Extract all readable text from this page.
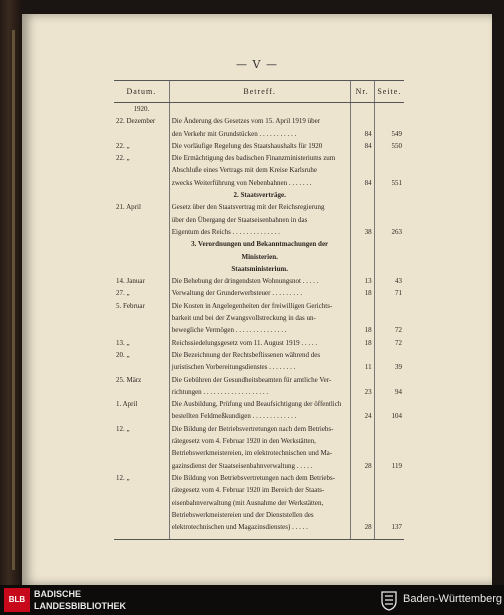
— V —
Datum.	Betreff.	Nr.	Seite.
1920.			
22. Dezember	Die Änderung des Gesetzes vom 15. April 1919 über		
	den Verkehr mit Grundstücken . . . . . . . . . . .	84	549
22. „	Die vorläufige Regelung des Staatshaushalts für 1920	84	550
22. „	Die Ermächtigung des badischen Finanzministeriums zum		
	Abschluße eines Vertrags mit dem Kreise Karlsruhe		
	zwecks Weiterführung von Nebenbahnen . . . . . . .	84	551
	2. Staatsverträge.		
21. April	Gesetz über den Staatsvertrag mit der Reichsregierung		
	über den Übergang der Staatseisenbahnen in das		
	Eigentum des Reichs . . . . . . . . . . . . . .	38	263
	3. Verordnungen und Bekanntmachungen der		
	Ministerien.		
	Staatsministerium.		
14. Januar	Die Behebung der dringendsten Wohnungsnot . . . . .	13	43
27. „	Verwaltung der Grunderwerbsteuer . . . . . . . . .	18	71
5. Februar	Die Kosten in Angelegenheiten der freiwilligen Gerichts-		
	barkeit und bei der Zwangsvollstreckung in das un-		
	bewegliche Vermögen . . . . . . . . . . . . . . .	18	72
13. „	Reichssiedelungsgesetz vom 11. August 1919 . . . . .	18	72
20. „	Die Bezeichnung der Rechtsbeflissenen während des		
	juristischen Vorbereitungsdienstes . . . . . . . .	11	39
25. März	Die Gebühren der Gesundheitsbeamten für amtliche Ver-		
	richtungen . . . . . . . . . . . . . . . . . . .	23	94
1. April	Die Ausbildung, Prüfung und Beaufsichtigung der öffentlich		
	bestellten Feldmeßkundigen . . . . . . . . . . . . .	24	104
12. „	Die Bildung der Betriebsvertretungen nach dem Betriebs-		
	rätegesetz vom 4. Februar 1920 in den Werkstätten,		
	Betriebswerkmeistereien, im elektrotechnischen und Ma-		
	gazinsdienst der Staatseisenbahnverwaltung . . . . .	28	119
12. „	Die Bildung von Betriebsvertretungen nach dem Betriebs-		
	rätegesetz vom 4. Februar 1920 im Bereich der Staats-		
	eisenbahnverwaltung (mit Ausnahme der Werkstätten,		
	Betriebswerkmeistereien und der Dienststellen des		
	elektrotechnischen und Magazinsdienstes) . . . . .	28	137

BLB
BADISCHE
LANDESBIBLIOTHEK
Baden-Württemberg
